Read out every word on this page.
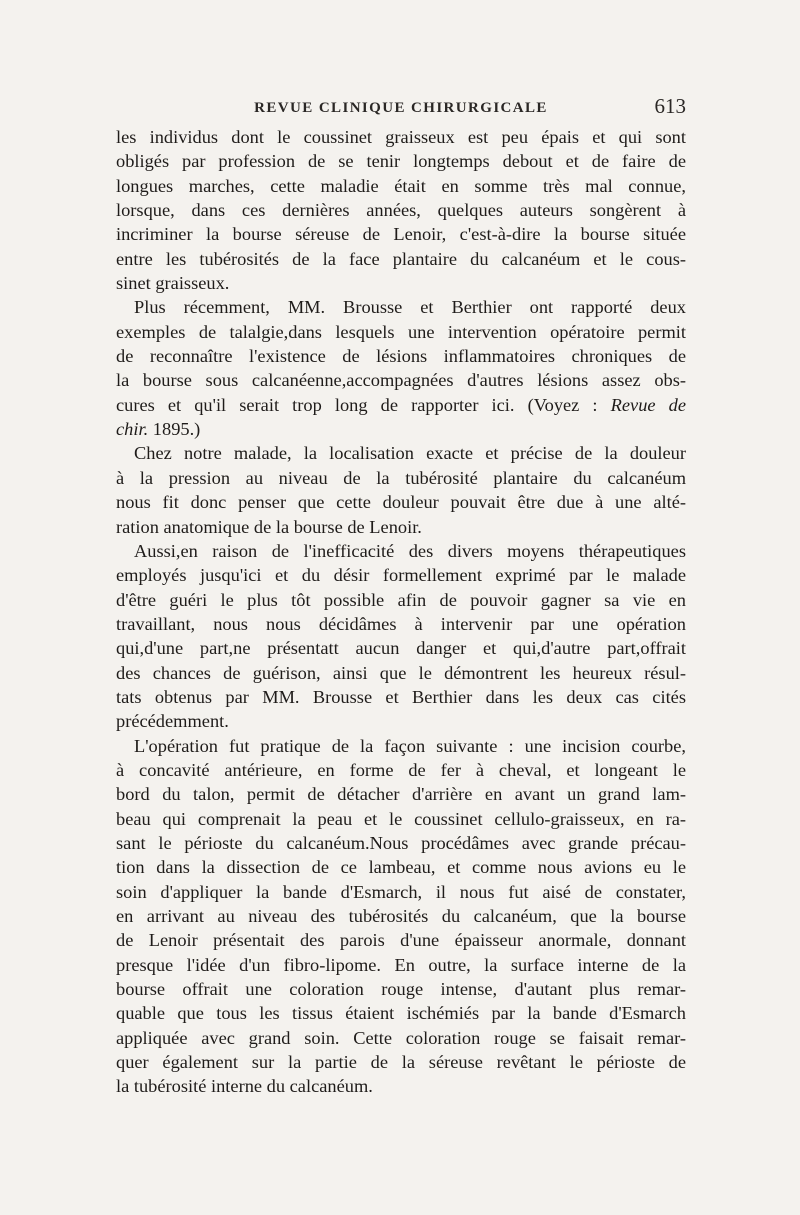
REVUE CLINIQUE CHIRURGICALE	613

les individus dont le coussinet graisseux est peu épais et qui sont

obligés par profession de se tenir longtemps debout et de faire de

longues marches, cette maladie était en somme très mal connue,

lorsque, dans ces dernières années, quelques auteurs songèrent à

incriminer la bourse séreuse de Lenoir, c'est-à-dire la bourse située

entre les tubérosités de la face plantaire du calcanéum et le cous-

sinet graisseux.

Plus récemment, MM. Brousse et Berthier ont rapporté deux

exemples de talalgie,dans lesquels une intervention opératoire permit

de reconnaître l'existence de lésions inflammatoires chroniques de

la bourse sous calcanéenne,accompagnées d'autres lésions assez obs-

cures et qu'il serait trop long de rapporter ici. (Voyez : Revue de

chir. 1895.)

Chez notre malade, la localisation exacte et précise de la douleur

à la pression au niveau de la tubérosité plantaire du calcanéum

nous fit donc penser que cette douleur pouvait être due à une alté-

ration anatomique de la bourse de Lenoir.

Aussi,en raison de l'inefficacité des divers moyens thérapeutiques

employés jusqu'ici et du désir formellement exprimé par le malade

d'être guéri le plus tôt possible afin de pouvoir gagner sa vie en

travaillant, nous nous décidâmes à intervenir par une opération

qui,d'une part,ne présentatt aucun danger et qui,d'autre part,offrait

des chances de guérison, ainsi que le démontrent les heureux résul-

tats obtenus par MM. Brousse et Berthier dans les deux cas cités

précédemment.

L'opération fut pratique de la façon suivante : une incision courbe,

à concavité antérieure, en forme de fer à cheval, et longeant le

bord du talon, permit de détacher d'arrière en avant un grand lam-

beau qui comprenait la peau et le coussinet cellulo-graisseux, en ra-

sant le périoste du calcanéum.Nous procédâmes avec grande précau-

tion dans la dissection de ce lambeau, et comme nous avions eu le

soin d'appliquer la bande d'Esmarch, il nous fut aisé de constater,

en arrivant au niveau des tubérosités du calcanéum, que la bourse

de Lenoir présentait des parois d'une épaisseur anormale, donnant

presque l'idée d'un fibro-lipome. En outre, la surface interne de la

bourse offrait une coloration rouge intense, d'autant plus remar-

quable que tous les tissus étaient ischémiés par la bande d'Esmarch

appliquée avec grand soin. Cette coloration rouge se faisait remar-

quer également sur la partie de la séreuse revêtant le périoste de

la tubérosité interne du calcanéum.
